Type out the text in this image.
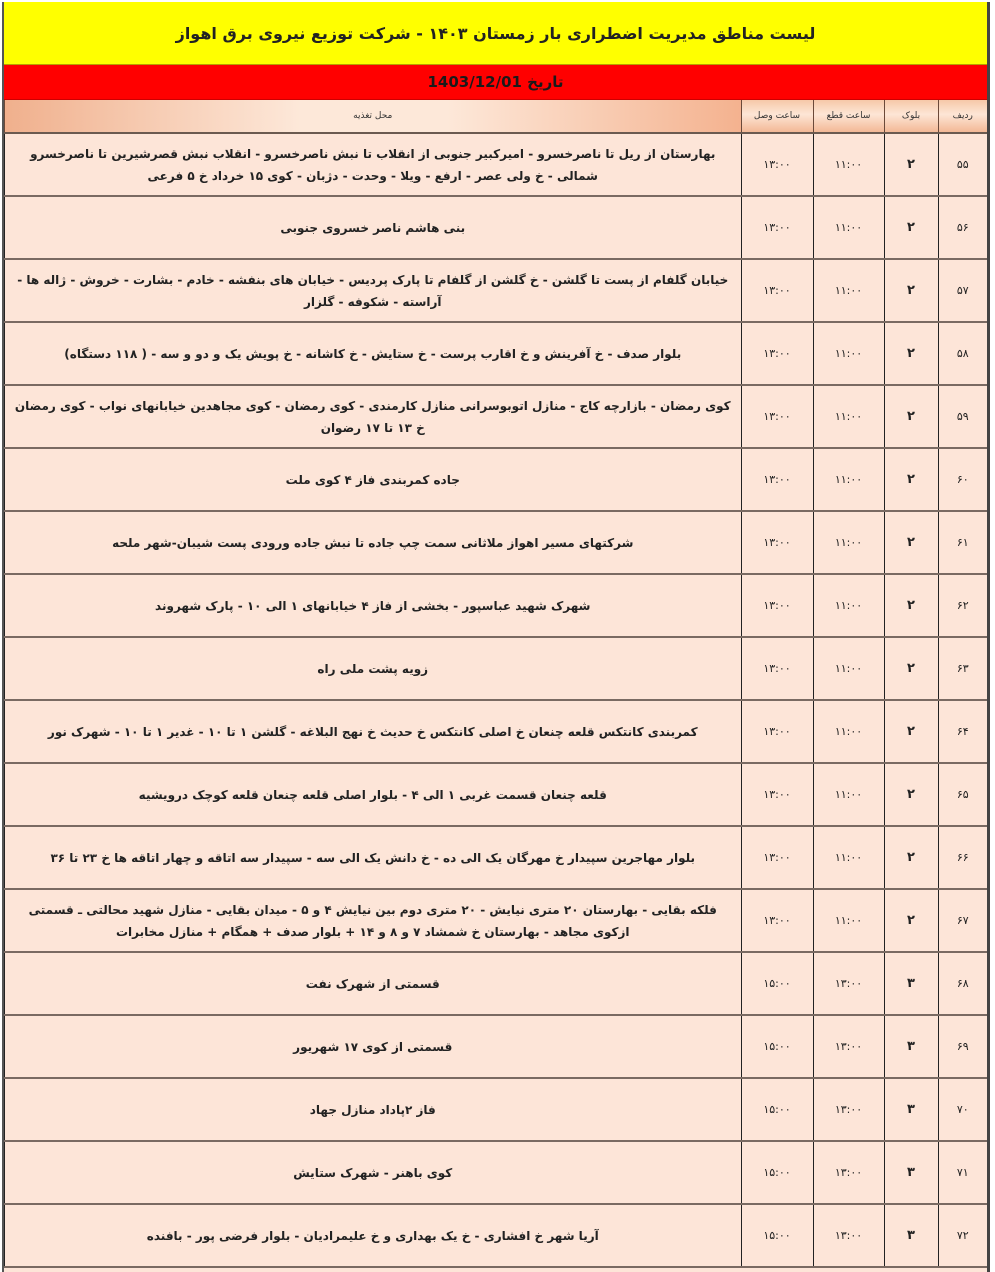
لیست مناطق مدیریت اضطراری بار زمستان ۱۴۰۳ - شرکت توزیع نیروی برق اهواز
تاریخ 1403/12/01
ردیف	بلوک	ساعت قطع	ساعت وصل	محل تغذیه
۵۵	۲	۱۱:۰۰	۱۳:۰۰	بهارستان از ریل تا ناصرخسرو - امیرکبیر جنوبی از انقلاب تا نبش ناصرخسرو - انقلاب نبش قصرشیرین تا ناصرخسرو شمالی - خ ولی عصر - ارفع - ویلا - وحدت - دژبان - کوی ۱۵ خرداد خ ۵ فرعی
۵۶	۲	۱۱:۰۰	۱۳:۰۰	بنی هاشم ناصر خسروی جنوبی
۵۷	۲	۱۱:۰۰	۱۳:۰۰	خیابان گلفام از پست تا گلشن - خ گلشن از گلفام تا پارک پردیس - خیابان های بنفشه - خادم - بشارت - خروش - ژاله ها - آراسته - شکوفه - گلزار
۵۸	۲	۱۱:۰۰	۱۳:۰۰	بلوار صدف - خ آفرینش و خ اقارب پرست - خ ستایش - خ کاشانه - خ پویش یک و دو و سه - ( ۱۱۸ دستگاه)
۵۹	۲	۱۱:۰۰	۱۳:۰۰	کوی رمضان - بازارچه کاج - منازل اتوبوسرانی منازل کارمندی - کوی رمضان - کوی مجاهدین خیابانهای نواب - کوی رمضان خ ۱۳ تا ۱۷ رضوان
۶۰	۲	۱۱:۰۰	۱۳:۰۰	جاده کمربندی فاز ۴ کوی ملت
۶۱	۲	۱۱:۰۰	۱۳:۰۰	شرکتهای مسیر اهواز ملاثانی سمت چپ جاده تا نبش جاده ورودی پست شیبان-شهر ملحه
۶۲	۲	۱۱:۰۰	۱۳:۰۰	شهرک شهید عباسپور - بخشی از فاز ۴ خیابانهای ۱ الی ۱۰ - پارک شهروند
۶۳	۲	۱۱:۰۰	۱۳:۰۰	زویه پشت ملی راه
۶۴	۲	۱۱:۰۰	۱۳:۰۰	کمربندی کانتکس قلعه چنعان خ اصلی کانتکس خ حدیث خ نهج البلاغه - گلشن ۱ تا ۱۰ - غدیر ۱ تا ۱۰ - شهرک نور
۶۵	۲	۱۱:۰۰	۱۳:۰۰	قلعه چنعان قسمت غربی ۱ الی ۴ - بلوار اصلی قلعه چنعان قلعه کوچک درویشیه
۶۶	۲	۱۱:۰۰	۱۳:۰۰	بلوار مهاجرین سپیدار خ مهرگان یک الی ده - خ دانش یک الی سه - سپیدار سه اتاقه و چهار اتاقه ها خ ۲۳ تا ۳۶
۶۷	۲	۱۱:۰۰	۱۳:۰۰	فلکه بقایی - بهارستان ۲۰ متری نیایش - ۲۰ متری دوم بین نیایش ۴ و ۵ - میدان بقایی - منازل شهید محالتی ـ قسمتی ازکوی مجاهد - بهارستان خ شمشاد ۷ و ۸ و ۱۴ + بلوار صدف + همگام + منازل مخابرات
۶۸	۳	۱۳:۰۰	۱۵:۰۰	قسمتی از شهرک نفت
۶۹	۳	۱۳:۰۰	۱۵:۰۰	قسمتی از کوی ۱۷ شهریور
۷۰	۳	۱۳:۰۰	۱۵:۰۰	فاز ۲پاداد منازل جهاد
۷۱	۳	۱۳:۰۰	۱۵:۰۰	کوی باهنر - شهرک ستایش
۷۲	۳	۱۳:۰۰	۱۵:۰۰	آریا شهر خ افشاری - خ یک بهداری و خ علیمرادیان - بلوار فرضی پور - بافنده
